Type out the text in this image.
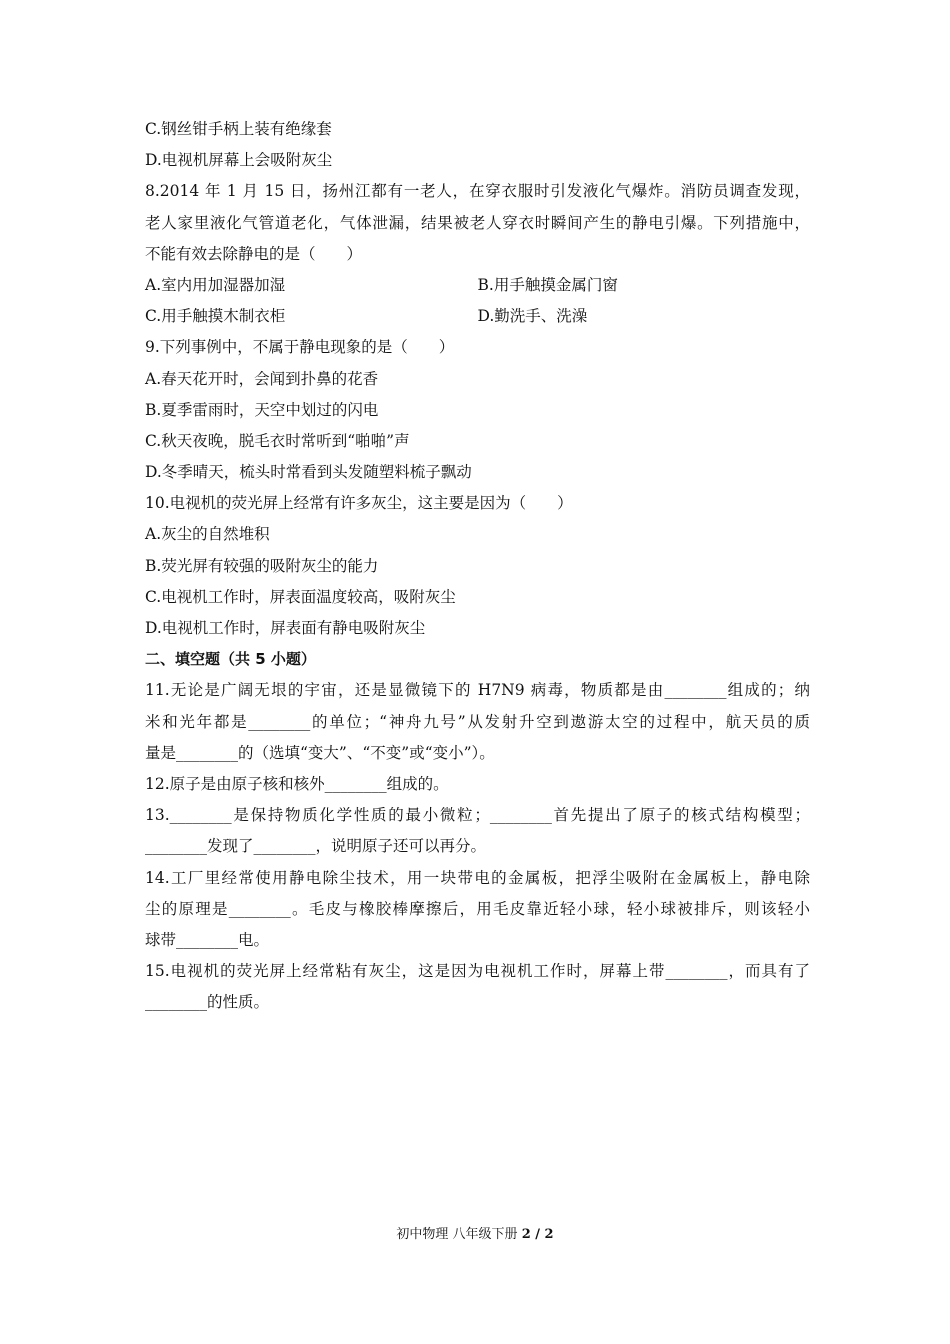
C.钢丝钳手柄上装有绝缘套
D.电视机屏幕上会吸附灰尘
8.2014 年 1 月 15 日，扬州江都有一老人，在穿衣服时引发液化气爆炸。消防员调查发现，
老人家里液化气管道老化，气体泄漏，结果被老人穿衣时瞬间产生的静电引爆。下列措施中，
不能有效去除静电的是（　　）
A.室内用加湿器加湿	B.用手触摸金属门窗
C.用手触摸木制衣柜	D.勤洗手、洗澡
9.下列事例中，不属于静电现象的是（　　）
A.春天花开时，会闻到扑鼻的花香
B.夏季雷雨时，天空中划过的闪电
C.秋天夜晚，脱毛衣时常听到“啪啪”声
D.冬季晴天，梳头时常看到头发随塑料梳子飘动
10.电视机的荧光屏上经常有许多灰尘，这主要是因为（　　）
A.灰尘的自然堆积
B.荧光屏有较强的吸附灰尘的能力
C.电视机工作时，屏表面温度较高，吸附灰尘
D.电视机工作时，屏表面有静电吸附灰尘
二、填空题（共 5 小题）
11.无论是广阔无垠的宇宙，还是显微镜下的 H7N9 病毒，物质都是由________组成的；纳
米和光年都是________的单位；“神舟九号”从发射升空到遨游太空的过程中，航天员的质
量是________的（选填“变大”、“不变”或“变小”）。
12.原子是由原子核和核外________组成的。
13.________是保持物质化学性质的最小微粒；________首先提出了原子的核式结构模型；
________发现了________，说明原子还可以再分。
14.工厂里经常使用静电除尘技术，用一块带电的金属板，把浮尘吸附在金属板上，静电除
尘的原理是________。毛皮与橡胶棒摩擦后，用毛皮靠近轻小球，轻小球被排斥，则该轻小
球带________电。
15.电视机的荧光屏上经常粘有灰尘，这是因为电视机工作时，屏幕上带________，而具有了
________的性质。
初中物理 八年级下册 2 / 2
